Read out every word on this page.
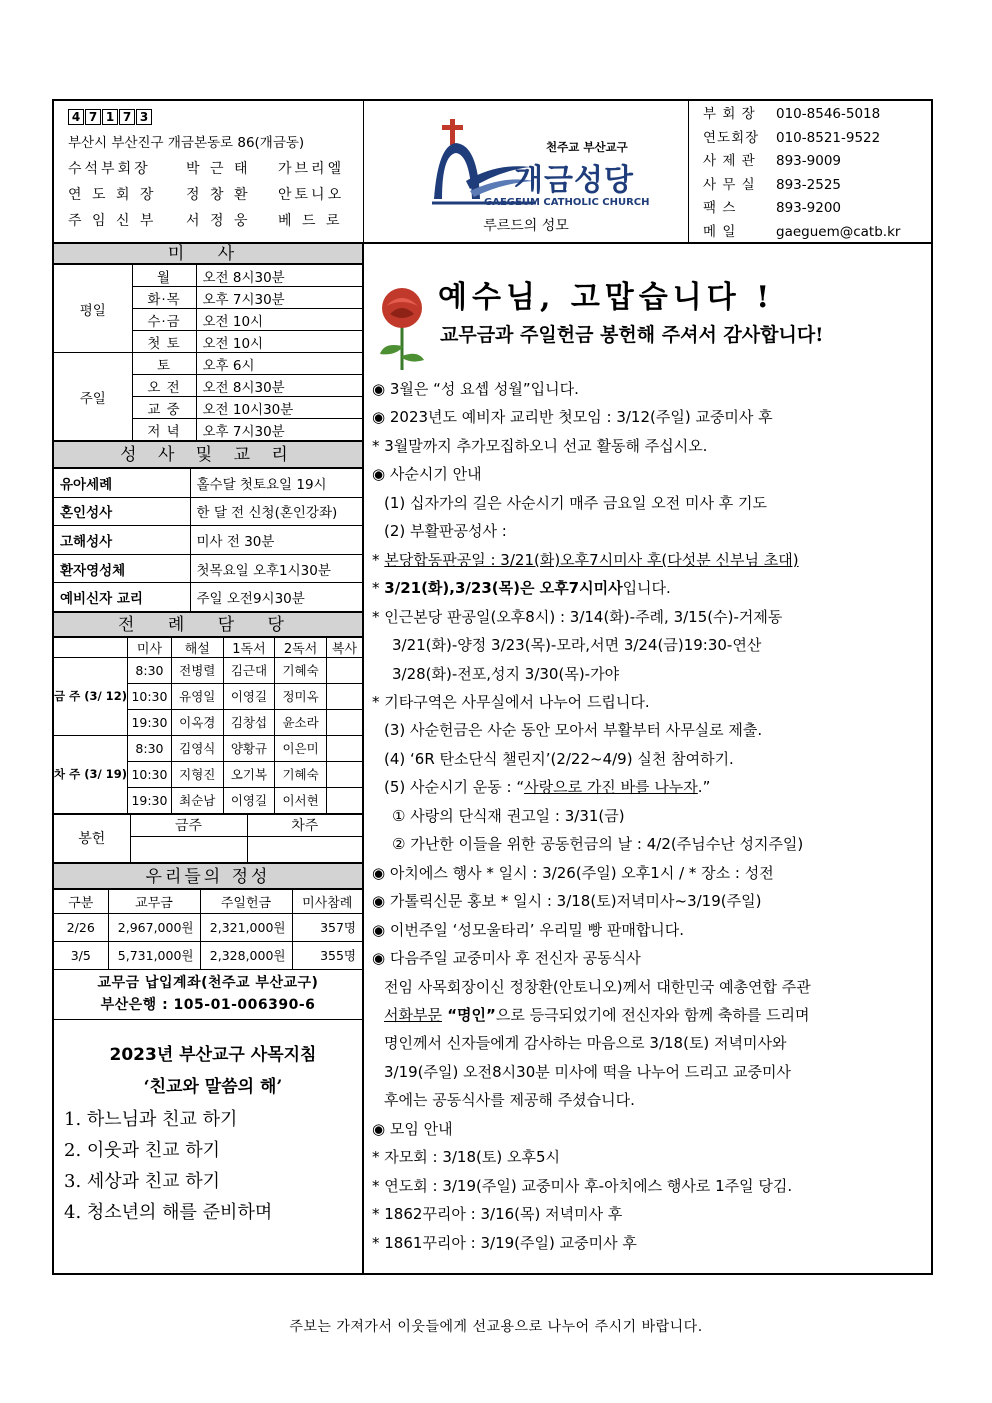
4 7 1 7 3
부산시 부산진구 개금본동로 86(개금동)
수석부회장	박 근 태	가브리엘
연 도 회 장	정 창 환	안토니오
주 임 신 부	서 정 웅	베 드 로
천주교 부산교구
개금성당
GAEGEUM CATHOLIC CHURCH
루르드의 성모
부 회 장	010-8546-5018
연도회장	010-8521-9522
사 제 관	893-9009
사 무 실	893-2525
팩 스	893-9200
메 일	gaeguem@catb.kr
미 사
평일	월	오전 8시30분
	화·목	오후 7시30분
	수·금	오전 10시
	첫 토	오전 10시
주일	토	오후 6시
	오 전	오전 8시30분
	교 중	오전 10시30분
	저 녁	오후 7시30분
성 사 및 교 리
유아세례	홀수달 첫토요일 19시
혼인성사	한 달 전 신청(혼인강좌)
고해성사	미사 전 30분
환자영성체	첫목요일 오후1시30분
예비신자 교리	주일 오전9시30분
전 례 담 당
	미사	해설	1독서	2독서	복사
금 주 (3/ 12)	8:30	전병렬	김근대	기혜숙	
	10:30	유영일	이영길	정미옥	
	19:30	이옥경	김창섭	윤소라	
차 주 (3/ 19)	8:30	김영식	양황규	이은미	
	10:30	지형진	오기복	기혜숙	
	19:30	최순남	이영길	이서현	
봉헌	금주	차주

우리들의 정성
구분	교무금	주일헌금	미사참례
2/26	2,967,000원	2,321,000원	357명
3/5	5,731,000원	2,328,000원	355명
교무금 납입계좌(천주교 부산교구)
부산은행 : 105-01-006390-6
2023년 부산교구 사목지침
‘친교와 말씀의 해’
1. 하느님과 친교 하기
2. 이웃과 친교 하기
3. 세상과 친교 하기
4. 청소년의 해를 준비하며
예수님, 고맙습니다 !
교무금과 주일헌금 봉헌해 주셔서 감사합니다!
◉ 3월은 “성 요셉 성월”입니다.
◉ 2023년도 예비자 교리반 첫모임 : 3/12(주일) 교중미사 후
* 3월말까지 추가모집하오니 선교 활동해 주십시오.
◉ 사순시기 안내
(1) 십자가의 길은 사순시기 매주 금요일 오전 미사 후 기도
(2) 부활판공성사 :
* 본당합동판공일 : 3/21(화)오후7시미사 후(다섯분 신부님 초대)
* 3/21(화),3/23(목)은 오후7시미사입니다.
* 인근본당 판공일(오후8시) : 3/14(화)-주례, 3/15(수)-거제동
3/21(화)-양정 3/23(목)-모라,서면 3/24(금)19:30-연산
3/28(화)-전포,성지 3/30(목)-가야
* 기타구역은 사무실에서 나누어 드립니다.
(3) 사순헌금은 사순 동안 모아서 부활부터 사무실로 제출.
(4) ‘6R 탄소단식 챌린지’(2/22~4/9) 실천 참여하기.
(5) 사순시기 운동 : “사랑으로 가진 바를 나누자.”
① 사랑의 단식재 권고일 : 3/31(금)
② 가난한 이들을 위한 공동헌금의 날 : 4/2(주님수난 성지주일)
◉ 아치에스 행사 * 일시 : 3/26(주일) 오후1시 / * 장소 : 성전
◉ 가톨릭신문 홍보 * 일시 : 3/18(토)저녁미사~3/19(주일)
◉ 이번주일 ‘성모울타리’ 우리밀 빵 판매합니다.
◉ 다음주일 교중미사 후 전신자 공동식사
전임 사목회장이신 정창환(안토니오)께서 대한민국 예총연합 주관
서화부문 “명인”으로 등극되었기에 전신자와 함께 축하를 드리며
명인께서 신자들에게 감사하는 마음으로 3/18(토) 저녁미사와
3/19(주일) 오전8시30분 미사에 떡을 나누어 드리고 교중미사
후에는 공동식사를 제공해 주셨습니다.
◉ 모임 안내
* 자모회 : 3/18(토) 오후5시
* 연도회 : 3/19(주일) 교중미사 후-아치에스 행사로 1주일 당김.
* 1862꾸리아 : 3/16(목) 저녁미사 후
* 1861꾸리아 : 3/19(주일) 교중미사 후
주보는 가져가서 이웃들에게 선교용으로 나누어 주시기 바랍니다.
